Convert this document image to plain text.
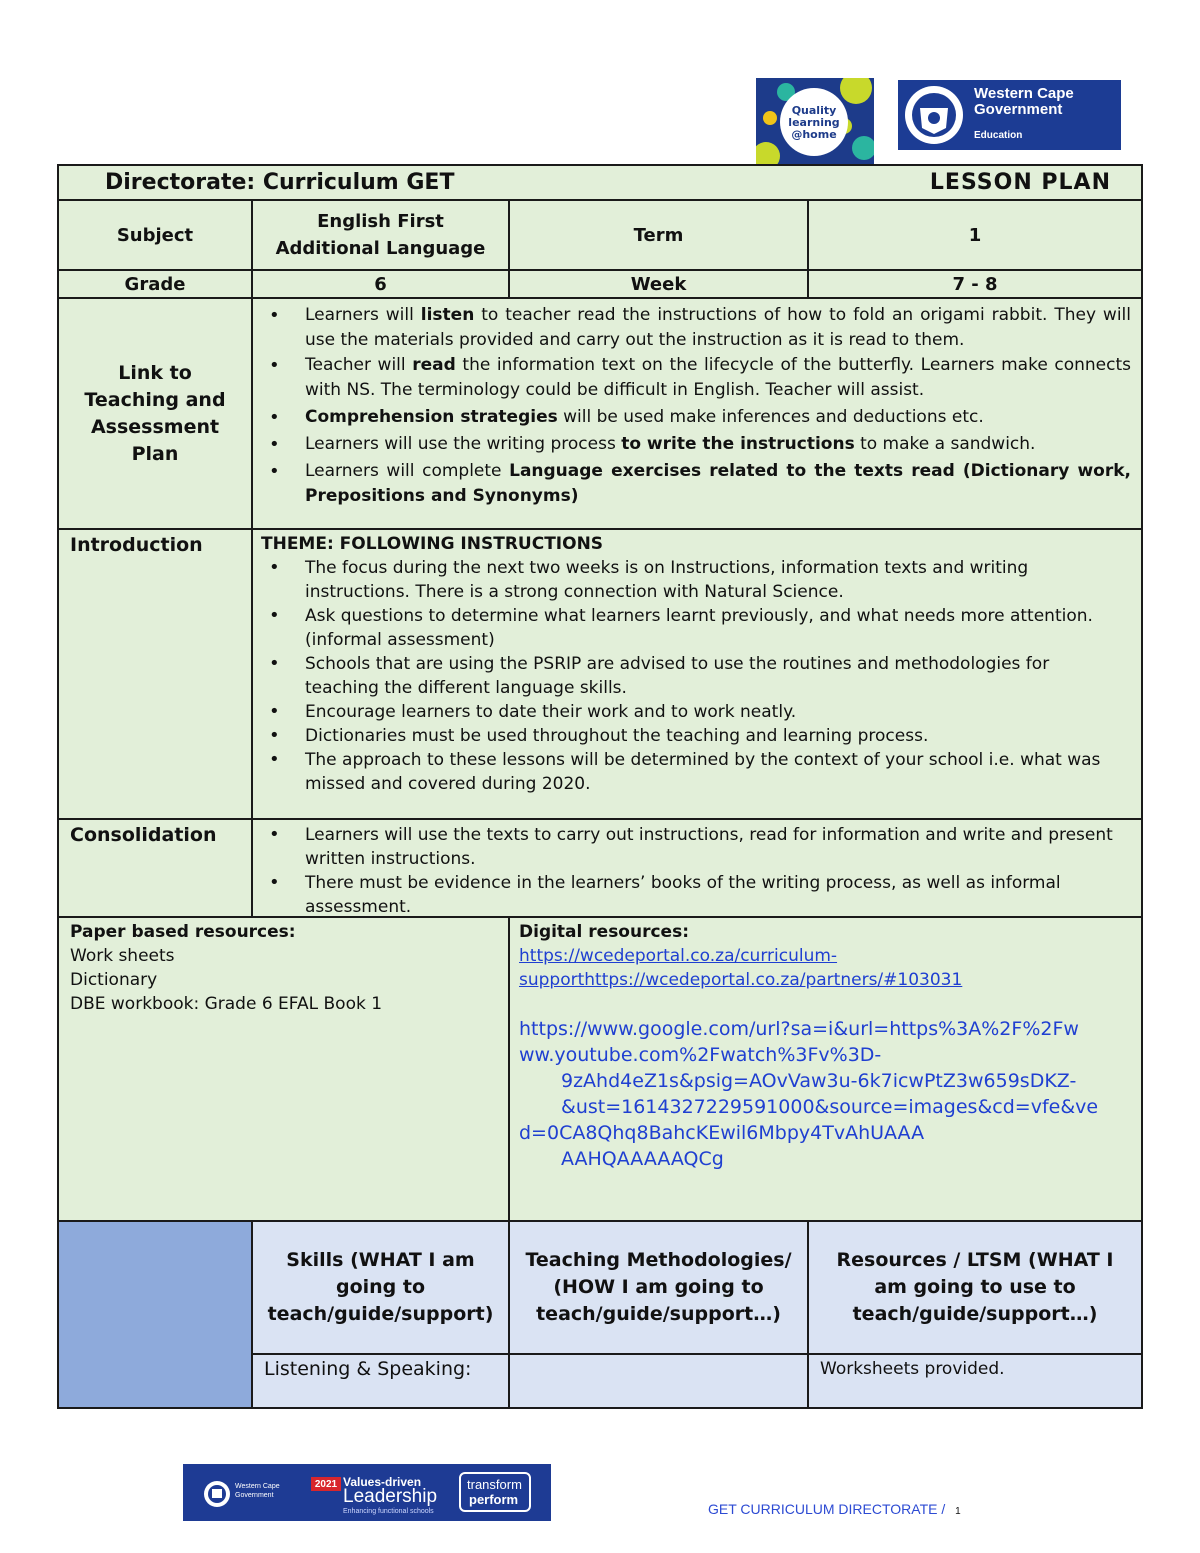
Quality learning @home
Western Cape Government
Education
Directorate: Curriculum GET	LESSON PLAN
Subject
English First Additional Language
Term	1
Grade	6	Week	7 - 8
Link to Teaching and Assessment Plan
• Learners will listen to teacher read the instructions of how to fold an origami rabbit. They will use the materials provided and carry out the instruction as it is read to them.
• Teacher will read the information text on the lifecycle of the butterfly. Learners make connects with NS. The terminology could be difficult in English. Teacher will assist.
• Comprehension strategies will be used make inferences and deductions etc.
• Learners will use the writing process to write the instructions to make a sandwich.
• Learners will complete Language exercises related to the texts read (Dictionary work, Prepositions and Synonyms)
Introduction	THEME: FOLLOWING INSTRUCTIONS
• The focus during the next two weeks is on Instructions, information texts and writing instructions. There is a strong connection with Natural Science.
• Ask questions to determine what learners learnt previously, and what needs more attention. (informal assessment)
• Schools that are using the PSRIP are advised to use the routines and methodologies for teaching the different language skills.
• Encourage learners to date their work and to work neatly.
• Dictionaries must be used throughout the teaching and learning process.
• The approach to these lessons will be determined by the context of your school i.e. what was missed and covered during 2020.
Consolidation
•	Learners will use the texts to carry out instructions, read for information and write and present written instructions.
• There must be evidence in the learners’ books of the writing process, as well as informal assessment.
Paper based resources:
Work sheets
Dictionary
DBE workbook: Grade 6 EFAL Book 1
Digital resources:
https://wcedeportal.co.za/curriculum-
supporthttps://wcedeportal.co.za/partners/#103031
https://www.google.com/url?sa=i&url=https%3A%2F%2Fw
ww.youtube.com%2Fwatch%3Fv%3D-
9zAhd4eZ1s&psig=AOvVaw3u-6k7icwPtZ3w659sDKZ-
&ust=1614327229591000&source=images&cd=vfe&ve
d=0CA8Qhq8BahcKEwil6Mbpy4TvAhUAAA
AAHQAAAAAQCg
Skills (WHAT I am going to teach/guide/support)
Teaching Methodologies/ (HOW I am going to teach/guide/support…)
Resources / LTSM (WHAT I am going to use to teach/guide/support…)
Listening & Speaking:	Worksheets provided.
Western Cape Government
2021 Values-driven
Leadership
Enhancing functional schools
transform
perform
GET CURRICULUM DIRECTORATE / 1
